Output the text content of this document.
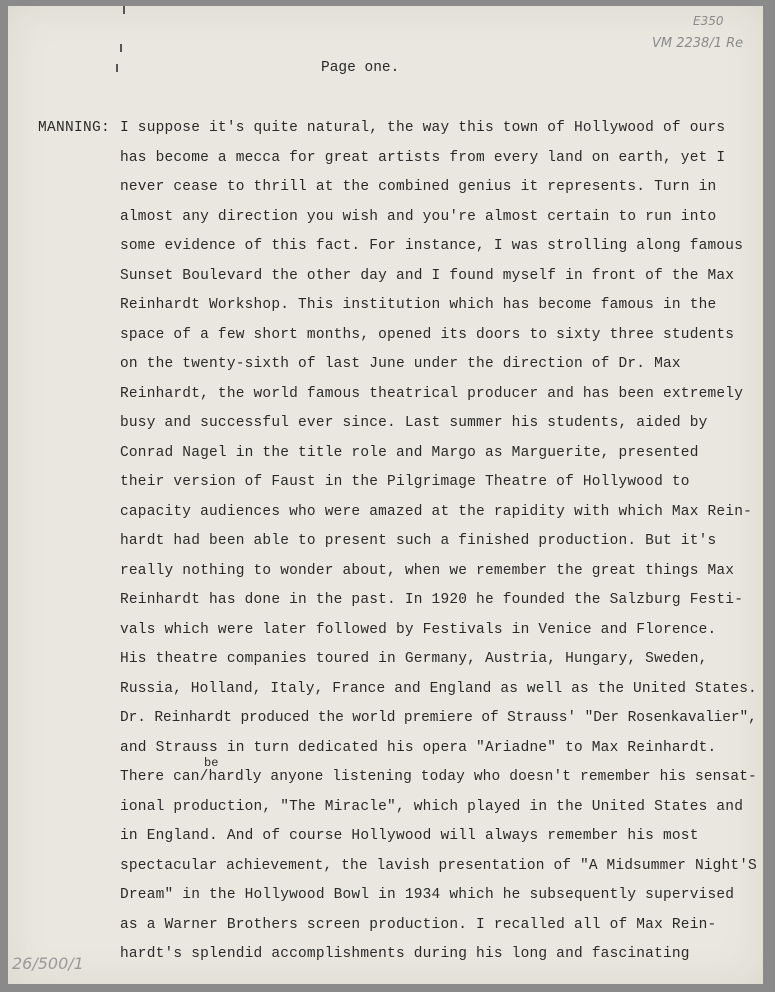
E350
VM 2238/1 Re
26/500/1
Page one.
MANNING:
be
I suppose it's quite natural, the way this town of Hollywood of ours
has become a mecca for great artists from every land on earth, yet I
never cease to thrill at the combined genius it represents. Turn in
almost any direction you wish and you're almost certain to run into
some evidence of this fact. For instance, I was strolling along famous
Sunset Boulevard the other day and I found myself in front of the Max
Reinhardt Workshop. This institution which has become famous in the
space of a few short months, opened its doors to sixty three students
on the twenty-sixth of last June under the direction of Dr. Max
Reinhardt, the world famous theatrical producer and has been extremely
busy and successful ever since. Last summer his students, aided by
Conrad Nagel in the title role and Margo as Marguerite, presented
their version of Faust in the Pilgrimage Theatre of Hollywood to
capacity audiences who were amazed at the rapidity with which Max Rein-
hardt had been able to present such a finished production. But it's
really nothing to wonder about, when we remember the great things Max
Reinhardt has done in the past. In 1920 he founded the Salzburg Festi-
vals which were later followed by Festivals in Venice and Florence.
His theatre companies toured in Germany, Austria, Hungary, Sweden,
Russia, Holland, Italy, France and England as well as the United States.
Dr. Reinhardt produced the world premiere of Strauss' "Der Rosenkavalier",
and Strauss in turn dedicated his opera "Ariadne" to Max Reinhardt.
There can/hardly anyone listening today who doesn't remember his sensat-
ional production, "The Miracle", which played in the United States and
in England. And of course Hollywood will always remember his most
spectacular achievement, the lavish presentation of "A Midsummer Night'S
Dream" in the Hollywood Bowl in 1934 which he subsequently supervised
as a Warner Brothers screen production. I recalled all of Max Rein-
hardt's splendid accomplishments during his long and fascinating
